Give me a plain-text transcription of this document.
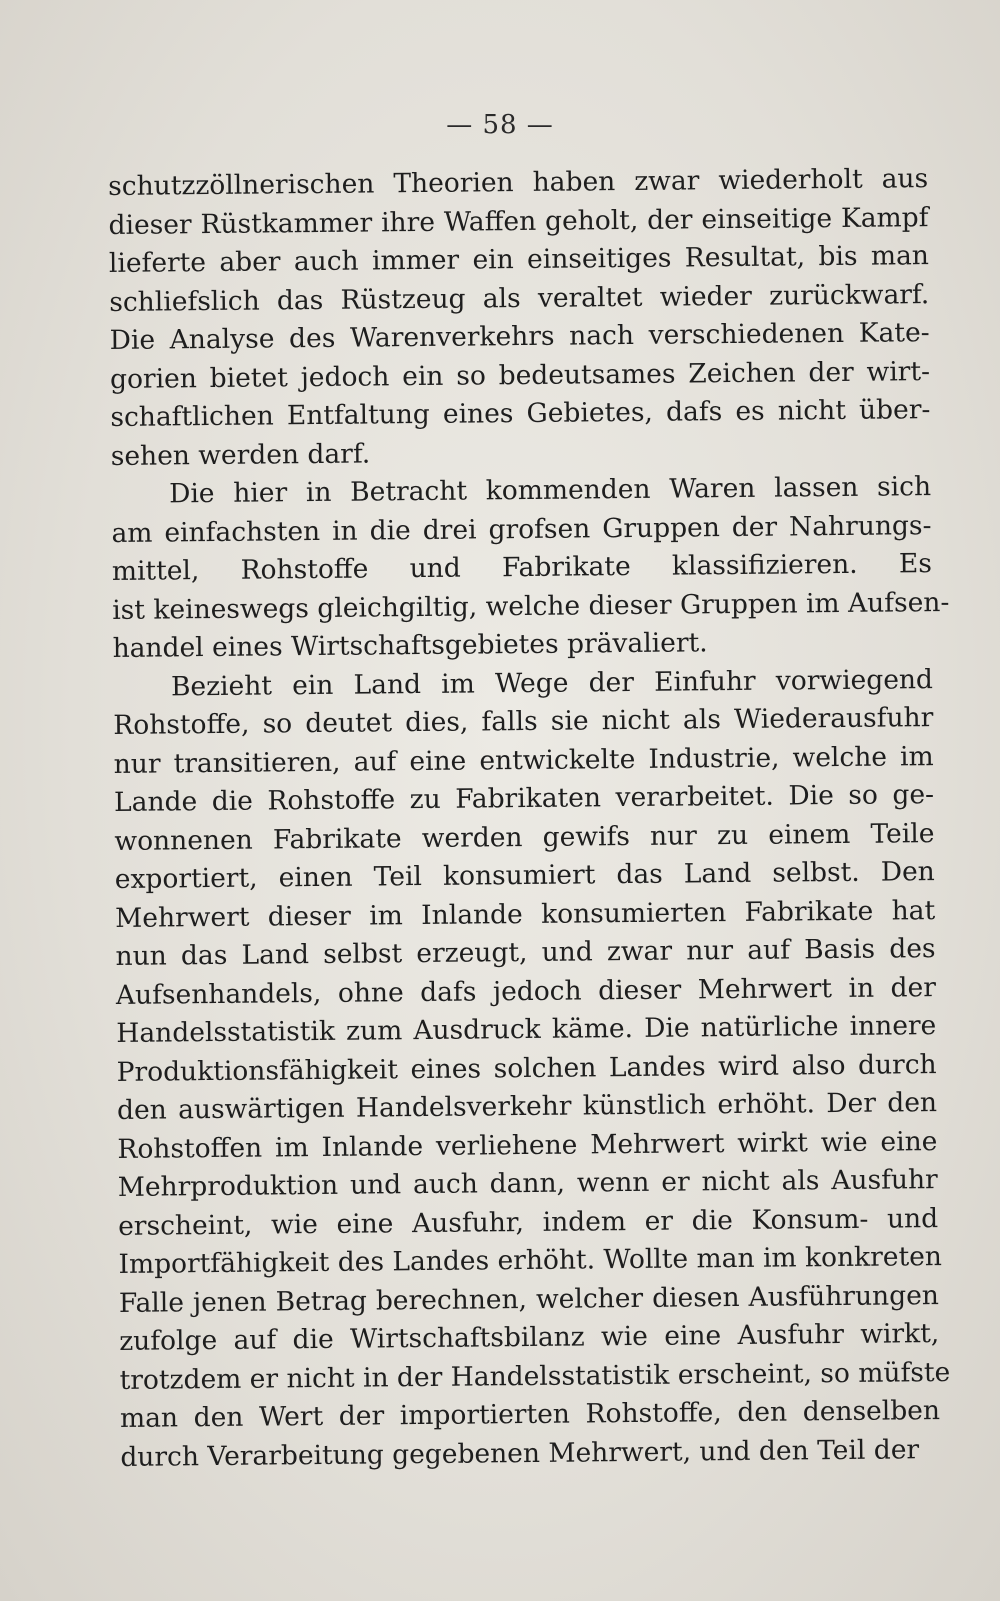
— 58 —
schutzzöllnerischen Theorien haben zwar wiederholt aus
dieser Rüstkammer ihre Waffen geholt, der einseitige Kampf
lieferte aber auch immer ein einseitiges Resultat, bis man
schliefslich das Rüstzeug als veraltet wieder zurückwarf.
Die Analyse des Warenverkehrs nach verschiedenen Kate-
gorien bietet jedoch ein so bedeutsames Zeichen der wirt-
schaftlichen Entfaltung eines Gebietes, dafs es nicht über-
sehen werden darf.
Die hier in Betracht kommenden Waren lassen sich
am einfachsten in die drei grofsen Gruppen der Nahrungs-
mittel, Rohstoffe und Fabrikate klassifizieren. Es
ist keineswegs gleichgiltig, welche dieser Gruppen im Aufsen-
handel eines Wirtschaftsgebietes prävaliert.
Bezieht ein Land im Wege der Einfuhr vorwiegend
Rohstoffe, so deutet dies, falls sie nicht als Wiederausfuhr
nur transitieren, auf eine entwickelte Industrie, welche im
Lande die Rohstoffe zu Fabrikaten verarbeitet. Die so ge-
wonnenen Fabrikate werden gewifs nur zu einem Teile
exportiert, einen Teil konsumiert das Land selbst. Den
Mehrwert dieser im Inlande konsumierten Fabrikate hat
nun das Land selbst erzeugt, und zwar nur auf Basis des
Aufsenhandels, ohne dafs jedoch dieser Mehrwert in der
Handelsstatistik zum Ausdruck käme. Die natürliche innere
Produktionsfähigkeit eines solchen Landes wird also durch
den auswärtigen Handelsverkehr künstlich erhöht. Der den
Rohstoffen im Inlande verliehene Mehrwert wirkt wie eine
Mehrproduktion und auch dann, wenn er nicht als Ausfuhr
erscheint, wie eine Ausfuhr, indem er die Konsum- und
Importfähigkeit des Landes erhöht. Wollte man im konkreten
Falle jenen Betrag berechnen, welcher diesen Ausführungen
zufolge auf die Wirtschaftsbilanz wie eine Ausfuhr wirkt,
trotzdem er nicht in der Handelsstatistik erscheint, so müfste
man den Wert der importierten Rohstoffe, den denselben
durch Verarbeitung gegebenen Mehrwert, und den Teil der
